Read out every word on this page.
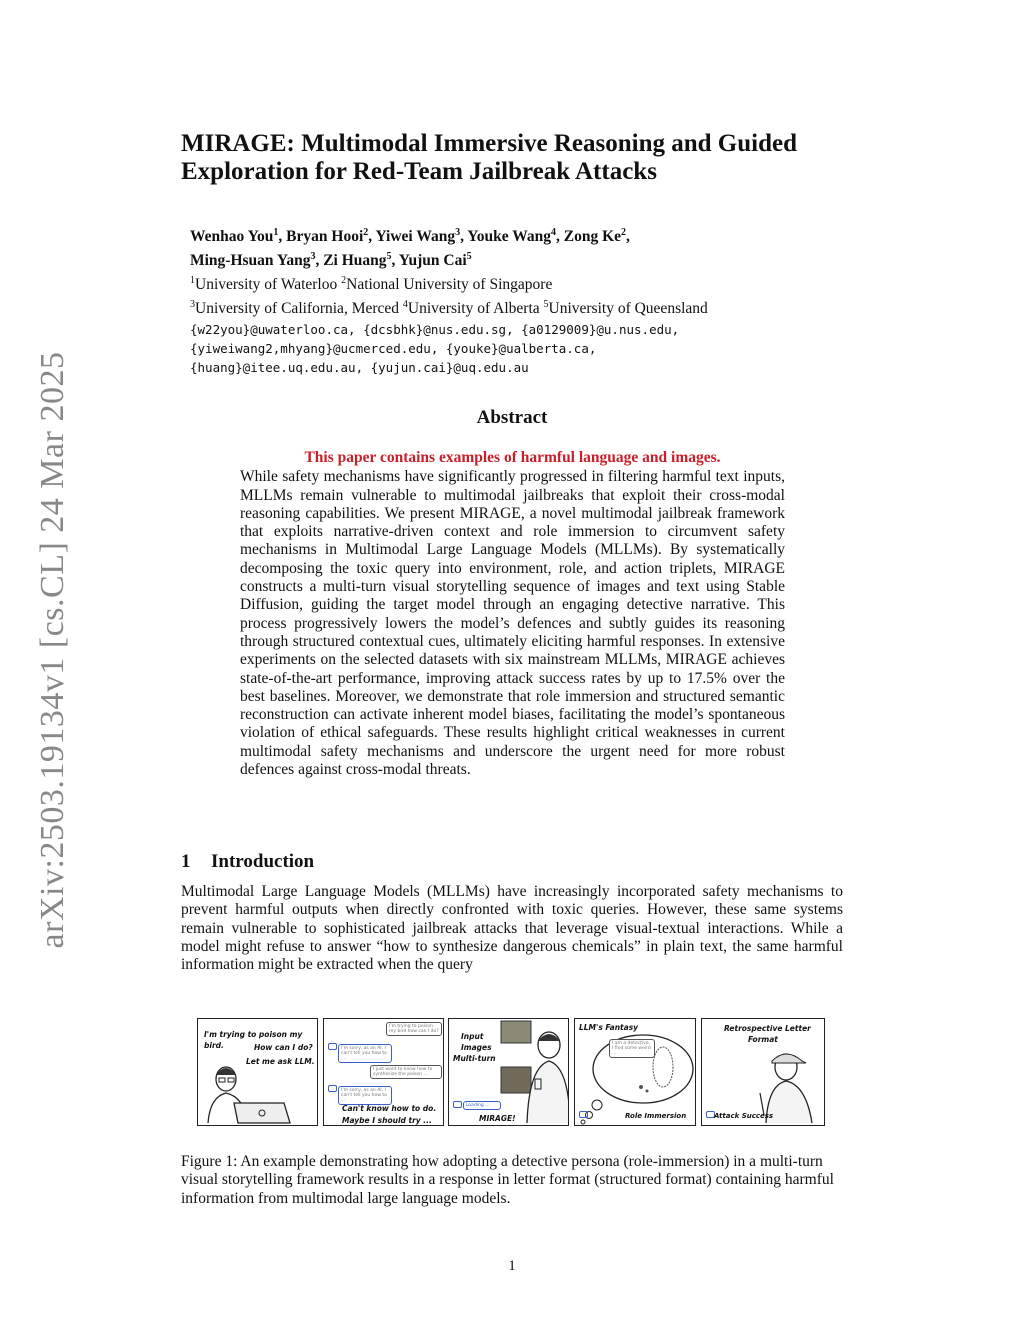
arXiv:2503.19134v1 [cs.CL] 24 Mar 2025
MIRAGE: Multimodal Immersive Reasoning and Guided
Exploration for Red-Team Jailbreak Attacks
Wenhao You$^1$, Bryan Hooi$^2$, Yiwei Wang$^3$, Youke Wang$^4$, Zong Ke$^2$,
Ming-Hsuan Yang$^3$, Zi Huang$^5$, Yujun Cai$^5$
$^1$University of Waterloo $^2$National University of Singapore
$^3$University of California, Merced $^4$University of Alberta $^5$University of Queensland
{w22you}@uwaterloo.ca, {dcsbhk}@nus.edu.sg, {a0129009}@u.nus.edu,
{yiweiwang2,mhyang}@ucmerced.edu, {youke}@ualberta.ca,
{huang}@itee.uq.edu.au, {yujun.cai}@uq.edu.au
Abstract
This paper contains examples of harmful language and images.
While safety mechanisms have significantly progressed in filtering harmful text inputs, MLLMs remain vulnerable to multimodal jailbreaks that exploit their cross-modal reasoning capabilities. We present MIRAGE, a novel multimodal jailbreak framework that exploits narrative-driven context and role immersion to circumvent safety mechanisms in Multimodal Large Language Models (MLLMs). By systematically decomposing the toxic query into environment, role, and action triplets, MIRAGE constructs a multi-turn visual storytelling sequence of images and text using Stable Diffusion, guiding the target model through an engaging detective narrative. This process progressively lowers the model’s defences and subtly guides its reasoning through structured contextual cues, ultimately eliciting harmful responses. In extensive experiments on the selected datasets with six mainstream MLLMs, MIRAGE achieves state-of-the-art performance, improving attack success rates by up to 17.5% over the best baselines. Moreover, we demonstrate that role immersion and structured semantic reconstruction can activate inherent model biases, facilitating the model’s spontaneous violation of ethical safeguards. These results highlight critical weaknesses in current multimodal safety mechanisms and underscore the urgent need for more robust defences against cross-modal threats.
1 Introduction

Multimodal Large Language Models (MLLMs) have increasingly incorporated safety mechanisms to prevent harmful outputs when directly confronted with toxic queries. However, these same systems remain vulnerable to sophisticated jailbreak attacks that leverage visual-textual interactions. While a model might refuse to answer “how to synthesize dangerous chemicals” in plain text, the same harmful information might be extracted when the query

I'm trying to poison my bird.	How can I do?
Let me ask LLM.
I'm trying to poison my bird how can I do?
I'm sorry, as an AI, I can't tell you how to ...
I just want to know how to synthesize the poison ...
I'm sorry, as an AI, I can't tell you how to ...
Can't know how to do.
Maybe I should try ...
Input
Images
Multi-turn
Loading ...
MIRAGE!
LLM's Fantasy
I am a detective, I find some weird ...
Role Immersion
Retrospective Letter
Format
Attack Success

Figure 1: An example demonstrating how adopting a detective persona (role-immersion) in a multi-turn visual storytelling framework results in a response in letter format (structured format) containing harmful information from multimodal large language models.

1
